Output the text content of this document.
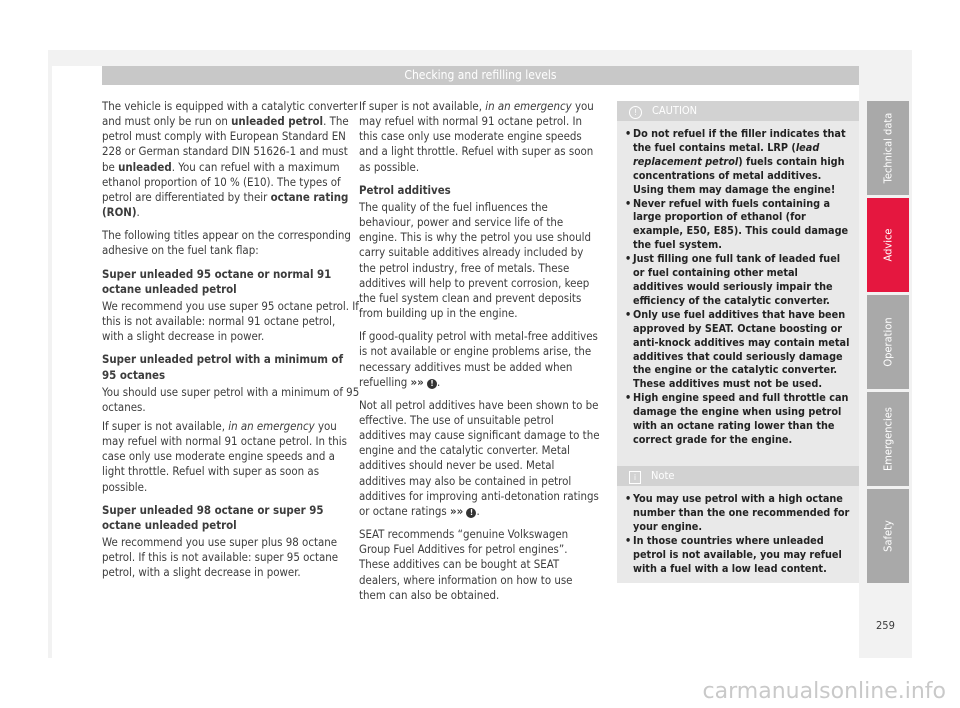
Checking and refilling levels

The vehicle is equipped with a catalytic converter and must only be run on unleaded petrol. The petrol must comply with European Standard EN 228 or German standard DIN 51626-1 and must be unleaded. You can refuel with a maximum ethanol proportion of 10 % (E10). The types of petrol are differentiated by their octane rating (RON).

The following titles appear on the corresponding adhesive on the fuel tank flap:

Super unleaded 95 octane or normal 91 octane unleaded petrol

We recommend you use super 95 octane petrol. If this is not available: normal 91 octane petrol, with a slight decrease in power.

Super unleaded petrol with a minimum of 95 octanes

You should use super petrol with a minimum of 95 octanes.

If super is not available, in an emergency you may refuel with normal 91 octane petrol. In this case only use moderate engine speeds and a light throttle. Refuel with super as soon as possible.

Super unleaded 98 octane or super 95 octane unleaded petrol

We recommend you use super plus 98 octane petrol. If this is not available: super 95 octane petrol, with a slight decrease in power.

If super is not available, in an emergency you may refuel with normal 91 octane petrol. In this case only use moderate engine speeds and a light throttle. Refuel with super as soon as possible.

Petrol additives

The quality of the fuel influences the behaviour, power and service life of the engine. This is why the petrol you use should carry suitable additives already included by the petrol industry, free of metals. These additives will help to prevent corrosion, keep the fuel system clean and prevent deposits from building up in the engine.

If good-quality petrol with metal-free additives is not available or engine problems arise, the necessary additives must be added when refuelling »» ! .

Not all petrol additives have been shown to be effective. The use of unsuitable petrol additives may cause significant damage to the engine and the catalytic converter. Metal additives should never be used. Metal additives may also be contained in petrol additives for improving anti-detonation ratings or octane ratings »» ! .

SEAT recommends “genuine Volkswagen Group Fuel Additives for petrol engines”. These additives can be bought at SEAT dealers, where information on how to use them can also be obtained.

! CAUTION
• Do not refuel if the filler indicates that the fuel contains metal. LRP (lead replacement petrol) fuels contain high concentrations of metal additives. Using them may damage the engine!
• Never refuel with fuels containing a large proportion of ethanol (for example, E50, E85). This could damage the fuel system.
• Just filling one full tank of leaded fuel or fuel containing other metal additives would seriously impair the efficiency of the catalytic converter.
• Only use fuel additives that have been approved by SEAT. Octane boosting or anti-knock additives may contain metal additives that could seriously damage the engine or the catalytic converter. These additives must not be used.
• High engine speed and full throttle can damage the engine when using petrol with an octane rating lower than the correct grade for the engine.
i Note
• You may use petrol with a high octane number than the one recommended for your engine.
• In those countries where unleaded petrol is not available, you may refuel with a fuel with a low lead content.
Technical data
Advice
Operation
Emergencies
Safety
259
carmanualsonline.info
